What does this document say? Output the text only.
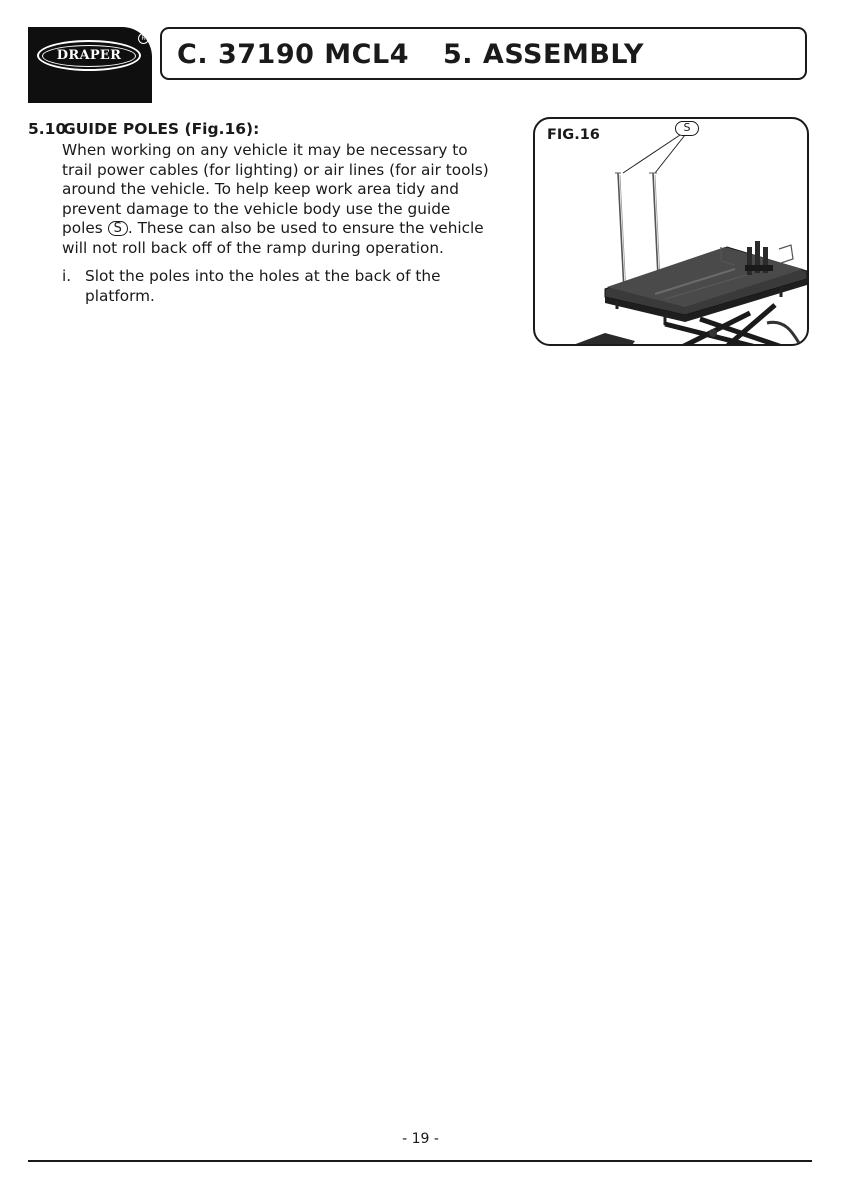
DRAPER
R
C. 37190 MCL4 5. ASSEMBLY
5.10GUIDE POLES (Fig.16):
When working on any vehicle it may be necessary to
trail power cables (for lighting) or air lines (for air tools)
around the vehicle. To help keep work area tidy and
prevent damage to the vehicle body use the guide
poles S . These can also be used to ensure the vehicle
will not roll back off of the ramp during operation.
i. Slot the poles into the holes at the back of the
platform.
FIG.16	S
- 19 -
